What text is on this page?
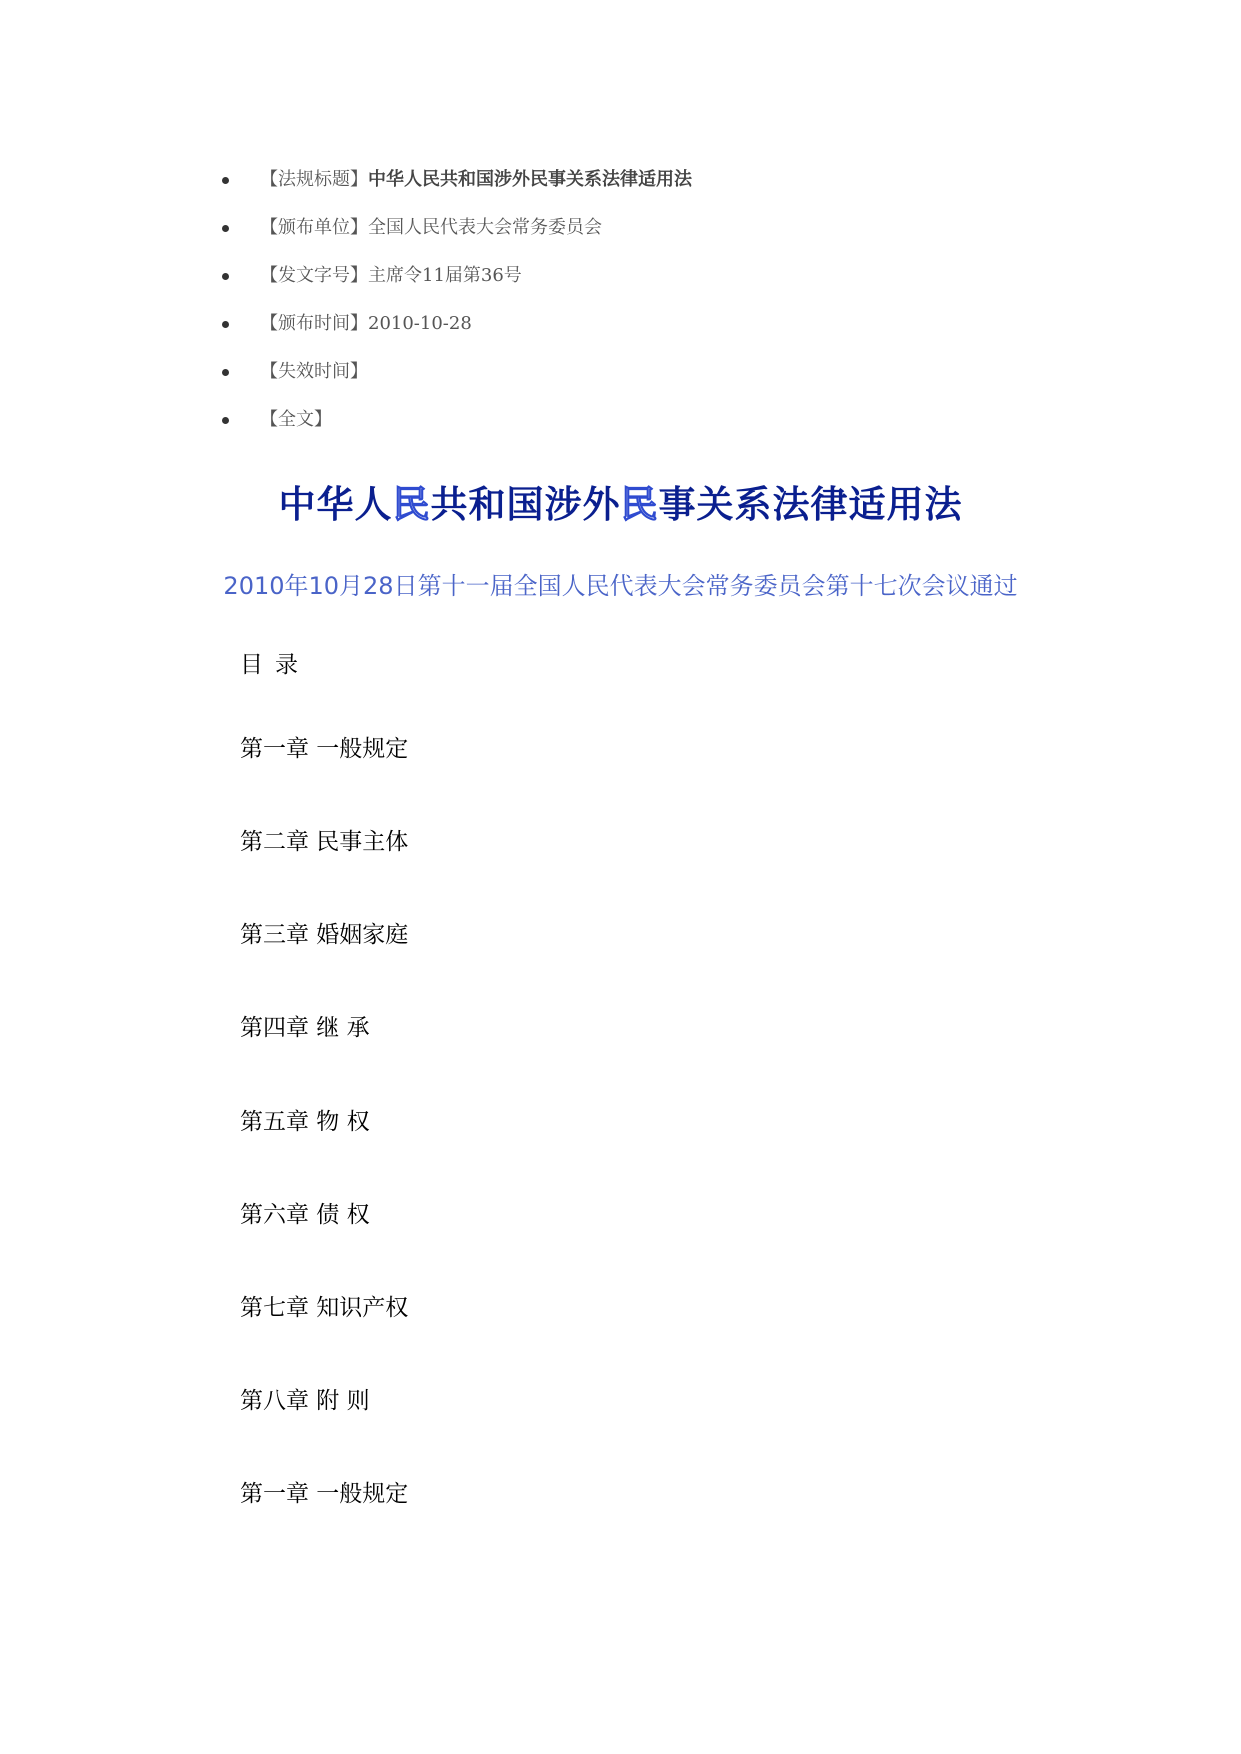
【法规标题】中华人民共和国涉外民事关系法律适用法
【颁布单位】全国人民代表大会常务委员会
【发文字号】主席令11届第36号
【颁布时间】2010-10-28
【失效时间】
【全文】
中华人民共和国涉外民事关系法律适用法
2010年10月28日第十一届全国人民代表大会常务委员会第十七次会议通过
目录
第一章 一般规定
第二章 民事主体
第三章 婚姻家庭
第四章 继 承
第五章 物 权
第六章 债 权
第七章 知识产权
第八章 附 则
第一章 一般规定
